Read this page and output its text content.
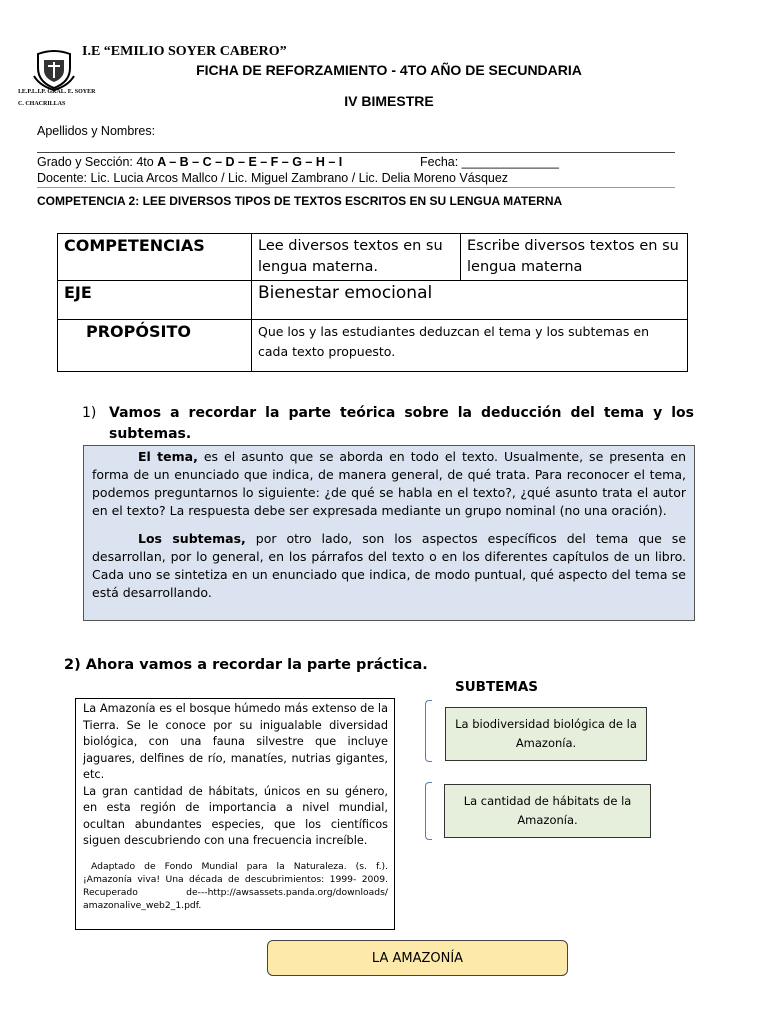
I.E “EMILIO SOYER CABERO”
I.E.P.L.I.P. GRAL. E. SOYER C. CHACRILLAS
FICHA DE REFORZAMIENTO - 4TO AÑO DE SECUNDARIA
IV BIMESTRE
Apellidos y Nombres:
Grado y Sección: 4to A – B – C – D – E – F – G – H – I	Fecha: ______________
Docente: Lic. Lucia Arcos Mallco / Lic. Miguel Zambrano / Lic. Delia Moreno Vásquez
COMPETENCIA 2: LEE DIVERSOS TIPOS DE TEXTOS ESCRITOS EN SU LENGUA MATERNA
COMPETENCIAS	Lee diversos textos en su lengua materna.	Escribe diversos textos en su lengua materna
EJE	Bienestar emocional	
PROPÓSITO	Que los y las estudiantes deduzcan el tema y los subtemas en cada texto propuesto.	
1) Vamos a recordar la parte teórica sobre la deducción del tema y los subtemas.

El tema, es el asunto que se aborda en todo el texto. Usualmente, se presenta en forma de un enunciado que indica, de manera general, de qué trata. Para reconocer el tema, podemos preguntarnos lo siguiente: ¿de qué se habla en el texto?, ¿qué asunto trata el autor en el texto? La respuesta debe ser expresada mediante un grupo nominal (no una oración).

Los subtemas, por otro lado, son los aspectos específicos del tema que se desarrollan, por lo general, en los párrafos del texto o en los diferentes capítulos de un libro. Cada uno se sintetiza en un enunciado que indica, de modo puntual, qué aspecto del tema se está desarrollando.

2) Ahora vamos a recordar la parte práctica.
SUBTEMAS

La Amazonía es el bosque húmedo más extenso de la Tierra. Se le conoce por su inigualable diversidad biológica, con una fauna silvestre que incluye jaguares, delfines de río, manatíes, nutrias gigantes, etc.

La gran cantidad de hábitats, únicos en su género, en esta región de importancia a nivel mundial, ocultan abundantes especies, que los científicos siguen descubriendo con una frecuencia increíble.

Adaptado de Fondo Mundial para la Naturaleza. (s. f.). ¡Amazonía viva! Una década de descubrimientos: 1999- 2009. Recuperado de---http://awsassets.panda.org/downloads/ amazonalive_web2_1.pdf.

La biodiversidad biológica de la Amazonía.
La cantidad de hábitats de la Amazonía.
LA AMAZONÍA
